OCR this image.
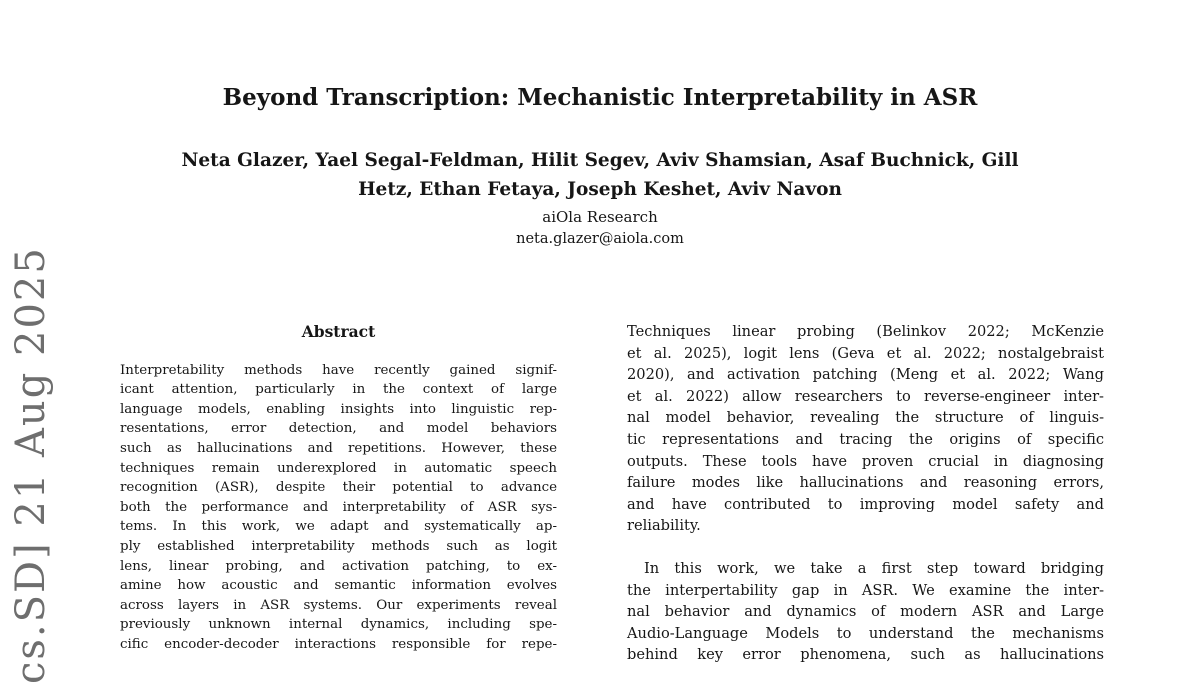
cs.SD] 21 Aug 2025
Beyond Transcription: Mechanistic Interpretability in ASR
Neta Glazer, Yael Segal-Feldman, Hilit Segev, Aviv Shamsian, Asaf Buchnick, Gill
Hetz, Ethan Fetaya, Joseph Keshet, Aviv Navon
aiOla Research
neta.glazer@aiola.com
Abstract
Interpretability methods have recently gained signif-
icant attention, particularly in the context of large
language models, enabling insights into linguistic rep-
resentations, error detection, and model behaviors
such as hallucinations and repetitions. However, these
techniques remain underexplored in automatic speech
recognition (ASR), despite their potential to advance
both the performance and interpretability of ASR sys-
tems. In this work, we adapt and systematically ap-
ply established interpretability methods such as logit
lens, linear probing, and activation patching, to ex-
amine how acoustic and semantic information evolves
across layers in ASR systems. Our experiments reveal
previously unknown internal dynamics, including spe-
cific encoder-decoder interactions responsible for repe-
Techniques linear probing (Belinkov 2022; McKenzie
et al. 2025), logit lens (Geva et al. 2022; nostalgebraist
2020), and activation patching (Meng et al. 2022; Wang
et al. 2022) allow researchers to reverse-engineer inter-
nal model behavior, revealing the structure of linguis-
tic representations and tracing the origins of specific
outputs. These tools have proven crucial in diagnosing
failure modes like hallucinations and reasoning errors,
and have contributed to improving model safety and
reliability.
In this work, we take a first step toward bridging
the interpertability gap in ASR. We examine the inter-
nal behavior and dynamics of modern ASR and Large
Audio-Language Models to understand the mechanisms
behind key error phenomena, such as hallucinations
